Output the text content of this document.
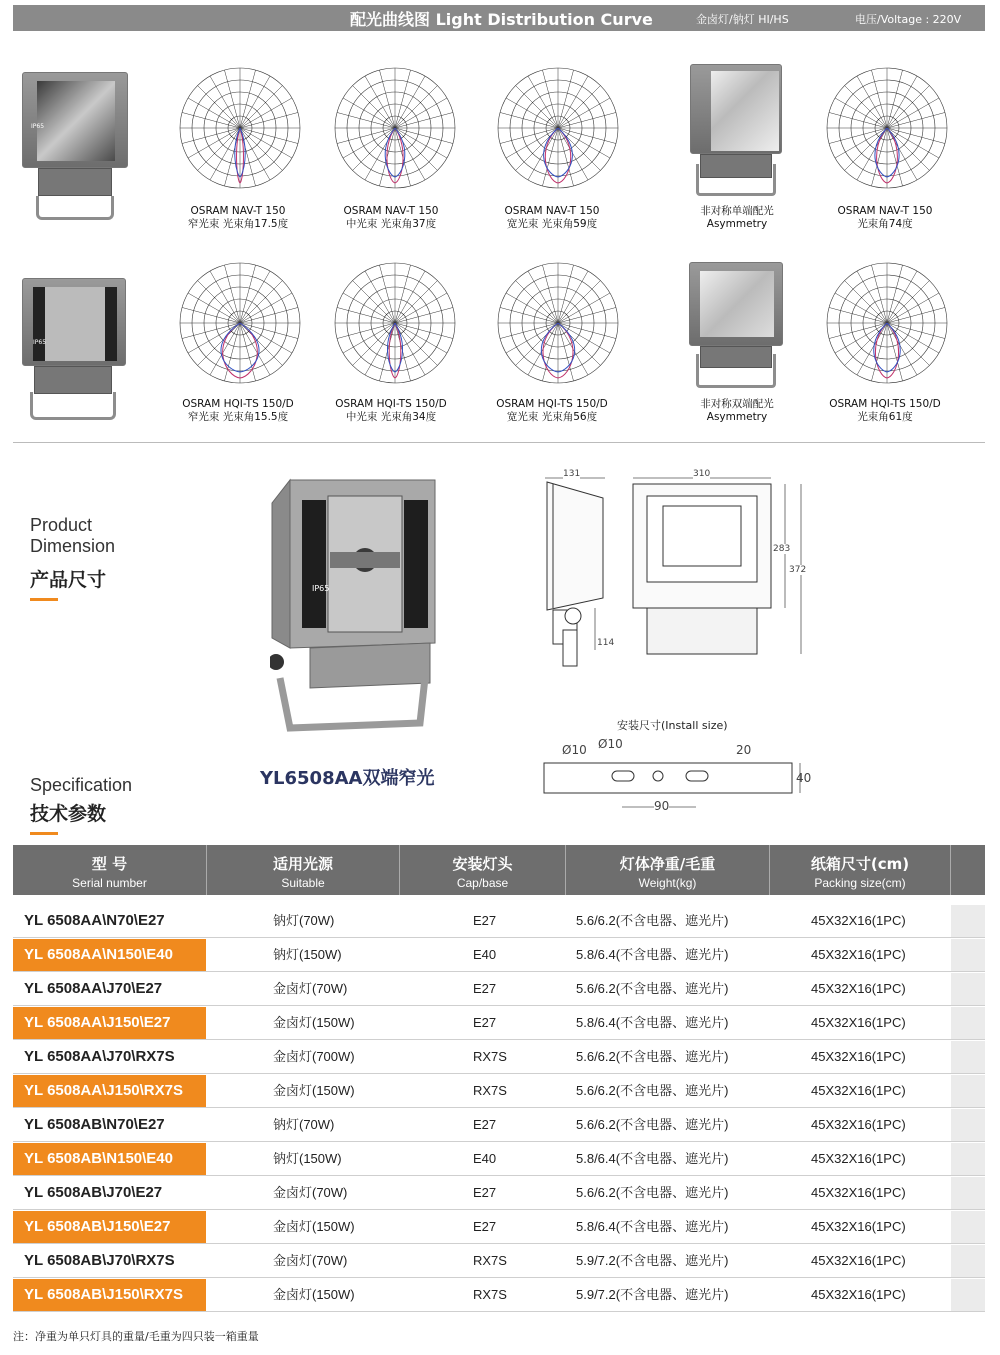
配光曲线图 Light Distribution Curve	金卤灯/钠灯 HI/HS	电压/Voltage : 220V
IP65
IP65
OSRAM NAV-T 150
窄光束 光束角17.5度
OSRAM NAV-T 150
中光束 光束角37度
OSRAM NAV-T 150
宽光束 光束角59度
非对称单端配光
Asymmetry
OSRAM NAV-T 150
光束角74度
OSRAM HQI-TS 150/D
窄光束 光束角15.5度
OSRAM HQI-TS 150/D
中光束 光束角34度
OSRAM HQI-TS 150/D
宽光束 光束角56度
非对称双端配光
Asymmetry
OSRAM HQI-TS 150/D
光束角61度
Product
Dimension
产品尺寸	IP65
YL6508AA双端窄光
131
114
310
283
372
安装尺寸(Install size)
Ø10 Ø10	20
40
90
Specification
技术参数
型 号
Serial number
适用光源
Suitable
安装灯头
Cap/base
灯体净重/毛重
Weight(kg)
纸箱尺寸(cm)
Packing size(cm)
YL 6508AA\N70\E27	钠灯(70W)	E27	5.6/6.2(不含电器、遮光片)	45X32X16(1PC)
YL 6508AA\N150\E40	钠灯(150W)	E40	5.8/6.4(不含电器、遮光片)	45X32X16(1PC)
YL 6508AA\J70\E27	金卤灯(70W)	E27	5.6/6.2(不含电器、遮光片)	45X32X16(1PC)
YL 6508AA\J150\E27	金卤灯(150W)	E27	5.8/6.4(不含电器、遮光片)	45X32X16(1PC)
YL 6508AA\J70\RX7S	金卤灯(700W)	RX7S	5.6/6.2(不含电器、遮光片)	45X32X16(1PC)
YL 6508AA\J150\RX7S	金卤灯(150W)	RX7S	5.6/6.2(不含电器、遮光片)	45X32X16(1PC)
YL 6508AB\N70\E27	钠灯(70W)	E27	5.6/6.2(不含电器、遮光片)	45X32X16(1PC)
YL 6508AB\N150\E40	钠灯(150W)	E40	5.8/6.4(不含电器、遮光片)	45X32X16(1PC)
YL 6508AB\J70\E27	金卤灯(70W)	E27	5.6/6.2(不含电器、遮光片)	45X32X16(1PC)
YL 6508AB\J150\E27	金卤灯(150W)	E27	5.8/6.4(不含电器、遮光片)	45X32X16(1PC)
YL 6508AB\J70\RX7S	金卤灯(70W)	RX7S	5.9/7.2(不含电器、遮光片)	45X32X16(1PC)
YL 6508AB\J150\RX7S	金卤灯(150W)	RX7S	5.9/7.2(不含电器、遮光片)	45X32X16(1PC)
注：净重为单只灯具的重量/毛重为四只装一箱重量
